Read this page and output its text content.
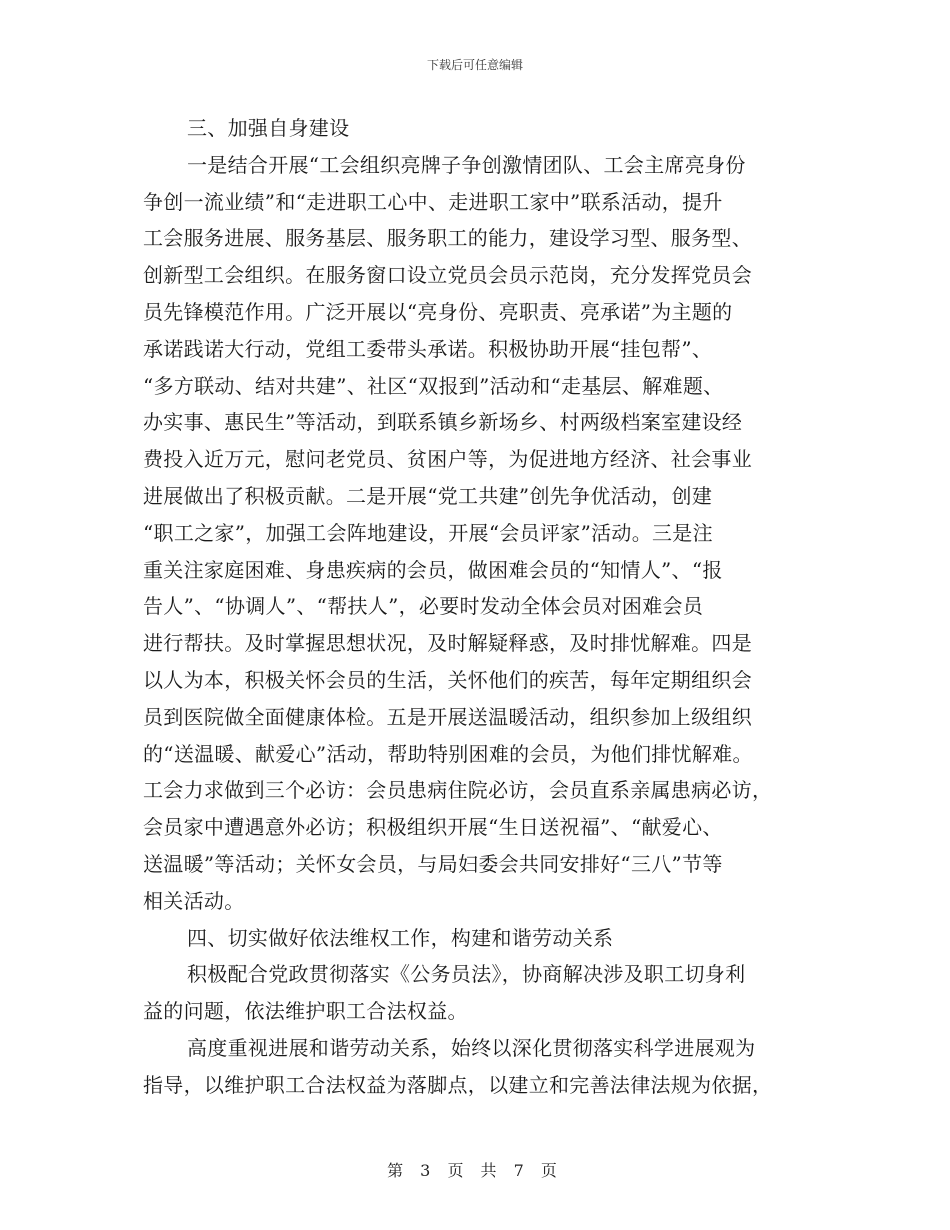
下载后可任意编辑
三、加强自身建设
一是结合开展“工会组织亮牌子争创激情团队、工会主席亮身份
争创一流业绩”和“走进职工心中、走进职工家中”联系活动，提升
工会服务进展、服务基层、服务职工的能力，建设学习型、服务型、
创新型工会组织。在服务窗口设立党员会员示范岗，充分发挥党员会
员先锋模范作用。广泛开展以“亮身份、亮职责、亮承诺”为主题的
承诺践诺大行动，党组工委带头承诺。积极协助开展“挂包帮”、
“多方联动、结对共建”、社区“双报到”活动和“走基层、解难题、
办实事、惠民生”等活动，到联系镇乡新场乡、村两级档案室建设经
费投入近万元，慰问老党员、贫困户等，为促进地方经济、社会事业
进展做出了积极贡献。二是开展“党工共建”创先争优活动，创建
“职工之家”，加强工会阵地建设，开展“会员评家”活动。三是注
重关注家庭困难、身患疾病的会员，做困难会员的“知情人”、“报
告人”、“协调人”、“帮扶人”，必要时发动全体会员对困难会员
进行帮扶。及时掌握思想状况，及时解疑释惑，及时排忧解难。四是
以人为本，积极关怀会员的生活，关怀他们的疾苦，每年定期组织会
员到医院做全面健康体检。五是开展送温暖活动，组织参加上级组织
的“送温暖、献爱心”活动，帮助特别困难的会员，为他们排忧解难。
工会力求做到三个必访：会员患病住院必访，会员直系亲属患病必访，
会员家中遭遇意外必访；积极组织开展“生日送祝福”、“献爱心、
送温暖”等活动；关怀女会员，与局妇委会共同安排好“三八”节等
相关活动。
四、切实做好依法维权工作，构建和谐劳动关系
积极配合党政贯彻落实《公务员法》，协商解决涉及职工切身利
益的问题，依法维护职工合法权益。
高度重视进展和谐劳动关系，始终以深化贯彻落实科学进展观为
指导，以维护职工合法权益为落脚点，以建立和完善法律法规为依据，
第 3 页 共 7 页
